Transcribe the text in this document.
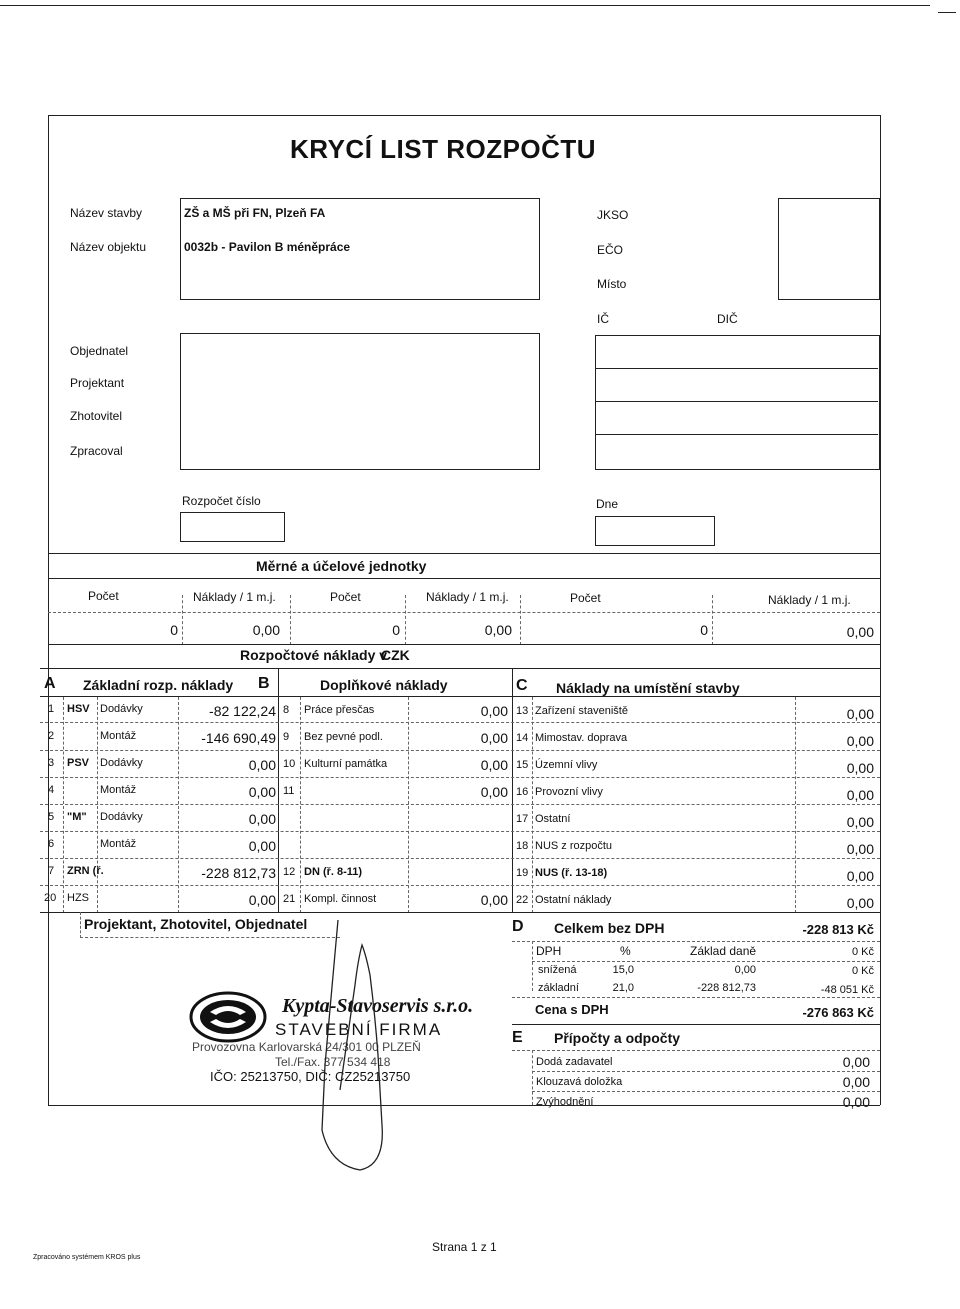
KRYCÍ LIST ROZPOČTU
Název stavby
Název objektu
ZŠ a MŠ při FN, Plzeň FA
0032b - Pavilon B méněpráce
JKSO
EČO
Místo
IČ	DIČ
Objednatel
Projektant
Zhotovitel
Zpracoval
Rozpočet číslo	Dne
Měrné a účelové jednotky
Počet	Náklady / 1 m.j.	Počet	Náklady / 1 m.j.	Počet	Náklady / 1 m.j.
0	0,00	0	0,00	0	0,00
Rozpočtové náklady v
CZK
A Základní rozp. náklady B	Doplňkové náklady	C Náklady na umístění stavby
1 HSV Dodávky	-82 122,24
2	Montáž	-146 690,49
3 PSV Dodávky	0,00
4	Montáž	0,00
5 "M" Dodávky	0,00
6	Montáž	0,00
7 ZRN (ř.	-228 812,73
20 HZS	0,00
8 Práce přesčas	0,00
9 Bez pevné podl.	0,00
10 Kulturní památka	0,00
11	0,00
12 DN (ř. 8-11)
21 Kompl. činnost	0,00
13 Zařízení staveniště	0,00
14 Mimostav. doprava	0,00
15 Územní vlivy	0,00
16 Provozní vlivy	0,00
17 Ostatní	0,00
18 NUS z rozpočtu	0,00
19 NUS (ř. 13-18)	0,00
22 Ostatní náklady	0,00
Projektant, Zhotovitel, Objednatel	D Celkem bez DPH	-228 813 Kč
DPH	%	Základ daně	0 Kč
snížená	15,0	0,00	0 Kč
základní	21,0	-228 812,73	-48 051 Kč
Cena s DPH	-276 863 Kč
E Přípočty a odpočty
Dodá zadavatel	0,00
Klouzavá doložka	0,00
Zvýhodnění	0,00
Kypta-Stavoservis s.r.o.
STAVEBNÍ FIRMA
Provozovna Karlovarská 24/301 00 PLZEŇ
Tel./Fax. 377 534 418
IČO: 25213750, DIČ: CZ25213750
Strana 1 z 1
Zpracováno systémem KROS plus
